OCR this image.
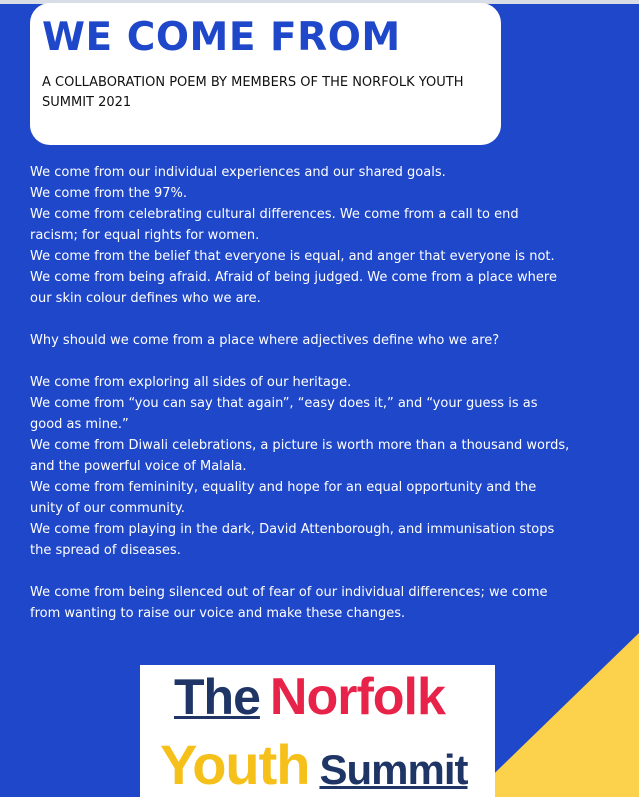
WE COME FROM

A COLLABORATION POEM BY MEMBERS OF THE NORFOLK YOUTH SUMMIT 2021

We come from our individual experiences and our shared goals.
We come from the 97%.
We come from celebrating cultural differences. We come from a call to end racism; for equal rights for women.
We come from the belief that everyone is equal, and anger that everyone is not.
We come from being afraid. Afraid of being judged. We come from a place where our skin colour defines who we are.

Why should we come from a place where adjectives define who we are?

We come from exploring all sides of our heritage.
We come from “you can say that again”, “easy does it,” and “your guess is as good as mine.”
We come from Diwali celebrations, a picture is worth more than a thousand words, and the powerful voice of Malala.
We come from femininity, equality and hope for an equal opportunity and the unity of our community.
We come from playing in the dark, David Attenborough, and immunisation stops the spread of diseases.

We come from being silenced out of fear of our individual differences; we come from wanting to raise our voice and make these changes.

The Norfolk
Youth Summit
